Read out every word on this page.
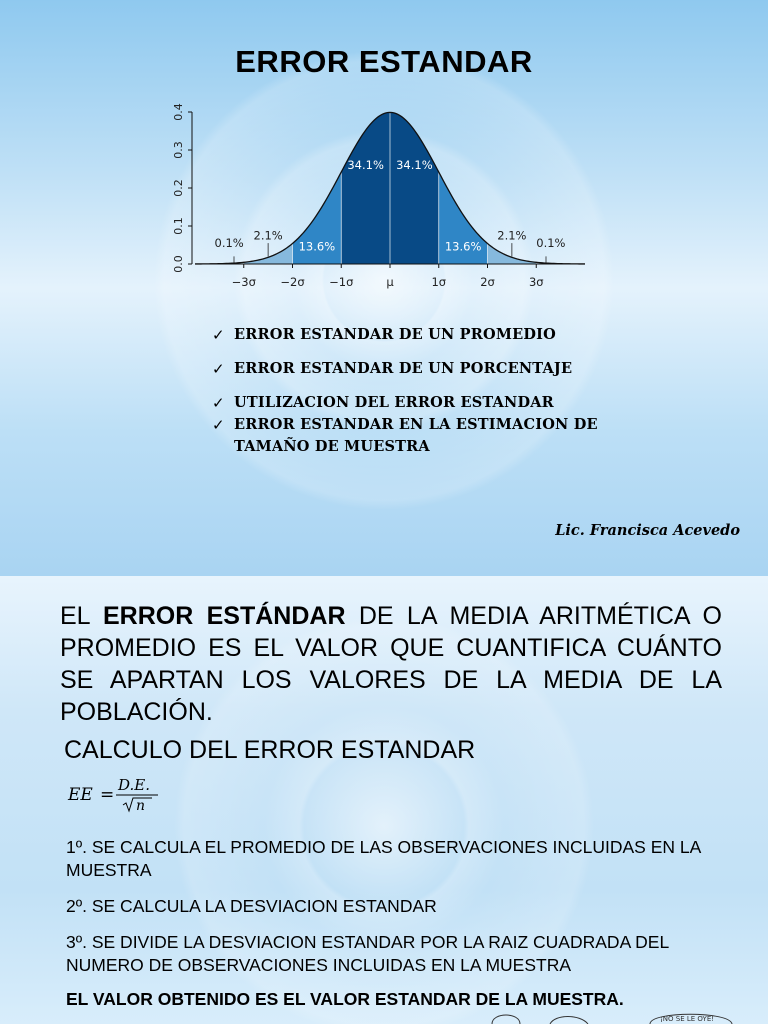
ERROR ESTANDAR
0.0
0.1
0.2
0.3
0.4
−3σ −2σ −1σ	μ	1σ	2σ	3σ
2.1%
13.6%
34.1% 34.1%
13.6%
2.1%
0.1%	0.1%
✓ ERROR ESTANDAR DE UN PROMEDIO
✓ ERROR ESTANDAR DE UN PORCENTAJE
✓ UTILIZACION DEL ERROR ESTANDAR
✓ ERROR ESTANDAR EN LA ESTIMACION DE TAMAÑO DE MUESTRA
Lic. Francisca Acevedo
EL ERROR ESTÁNDAR DE LA MEDIA ARITMÉTICA O PROMEDIO ES EL VALOR QUE CUANTIFICA CUÁNTO SE APARTAN LOS VALORES DE LA MEDIA DE LA POBLACIÓN.
CALCULO DEL ERROR ESTANDAR
EE = D.E.
n
1º. SE CALCULA EL PROMEDIO DE LAS OBSERVACIONES INCLUIDAS EN LA MUESTRA
2º. SE CALCULA LA DESVIACION ESTANDAR
3º. SE DIVIDE LA DESVIACION ESTANDAR POR LA RAIZ CUADRADA DEL NUMERO DE OBSERVACIONES INCLUIDAS EN LA MUESTRA
EL VALOR OBTENIDO ES EL VALOR ESTANDAR DE LA MUESTRA.
¡NO SE LE OYE!
